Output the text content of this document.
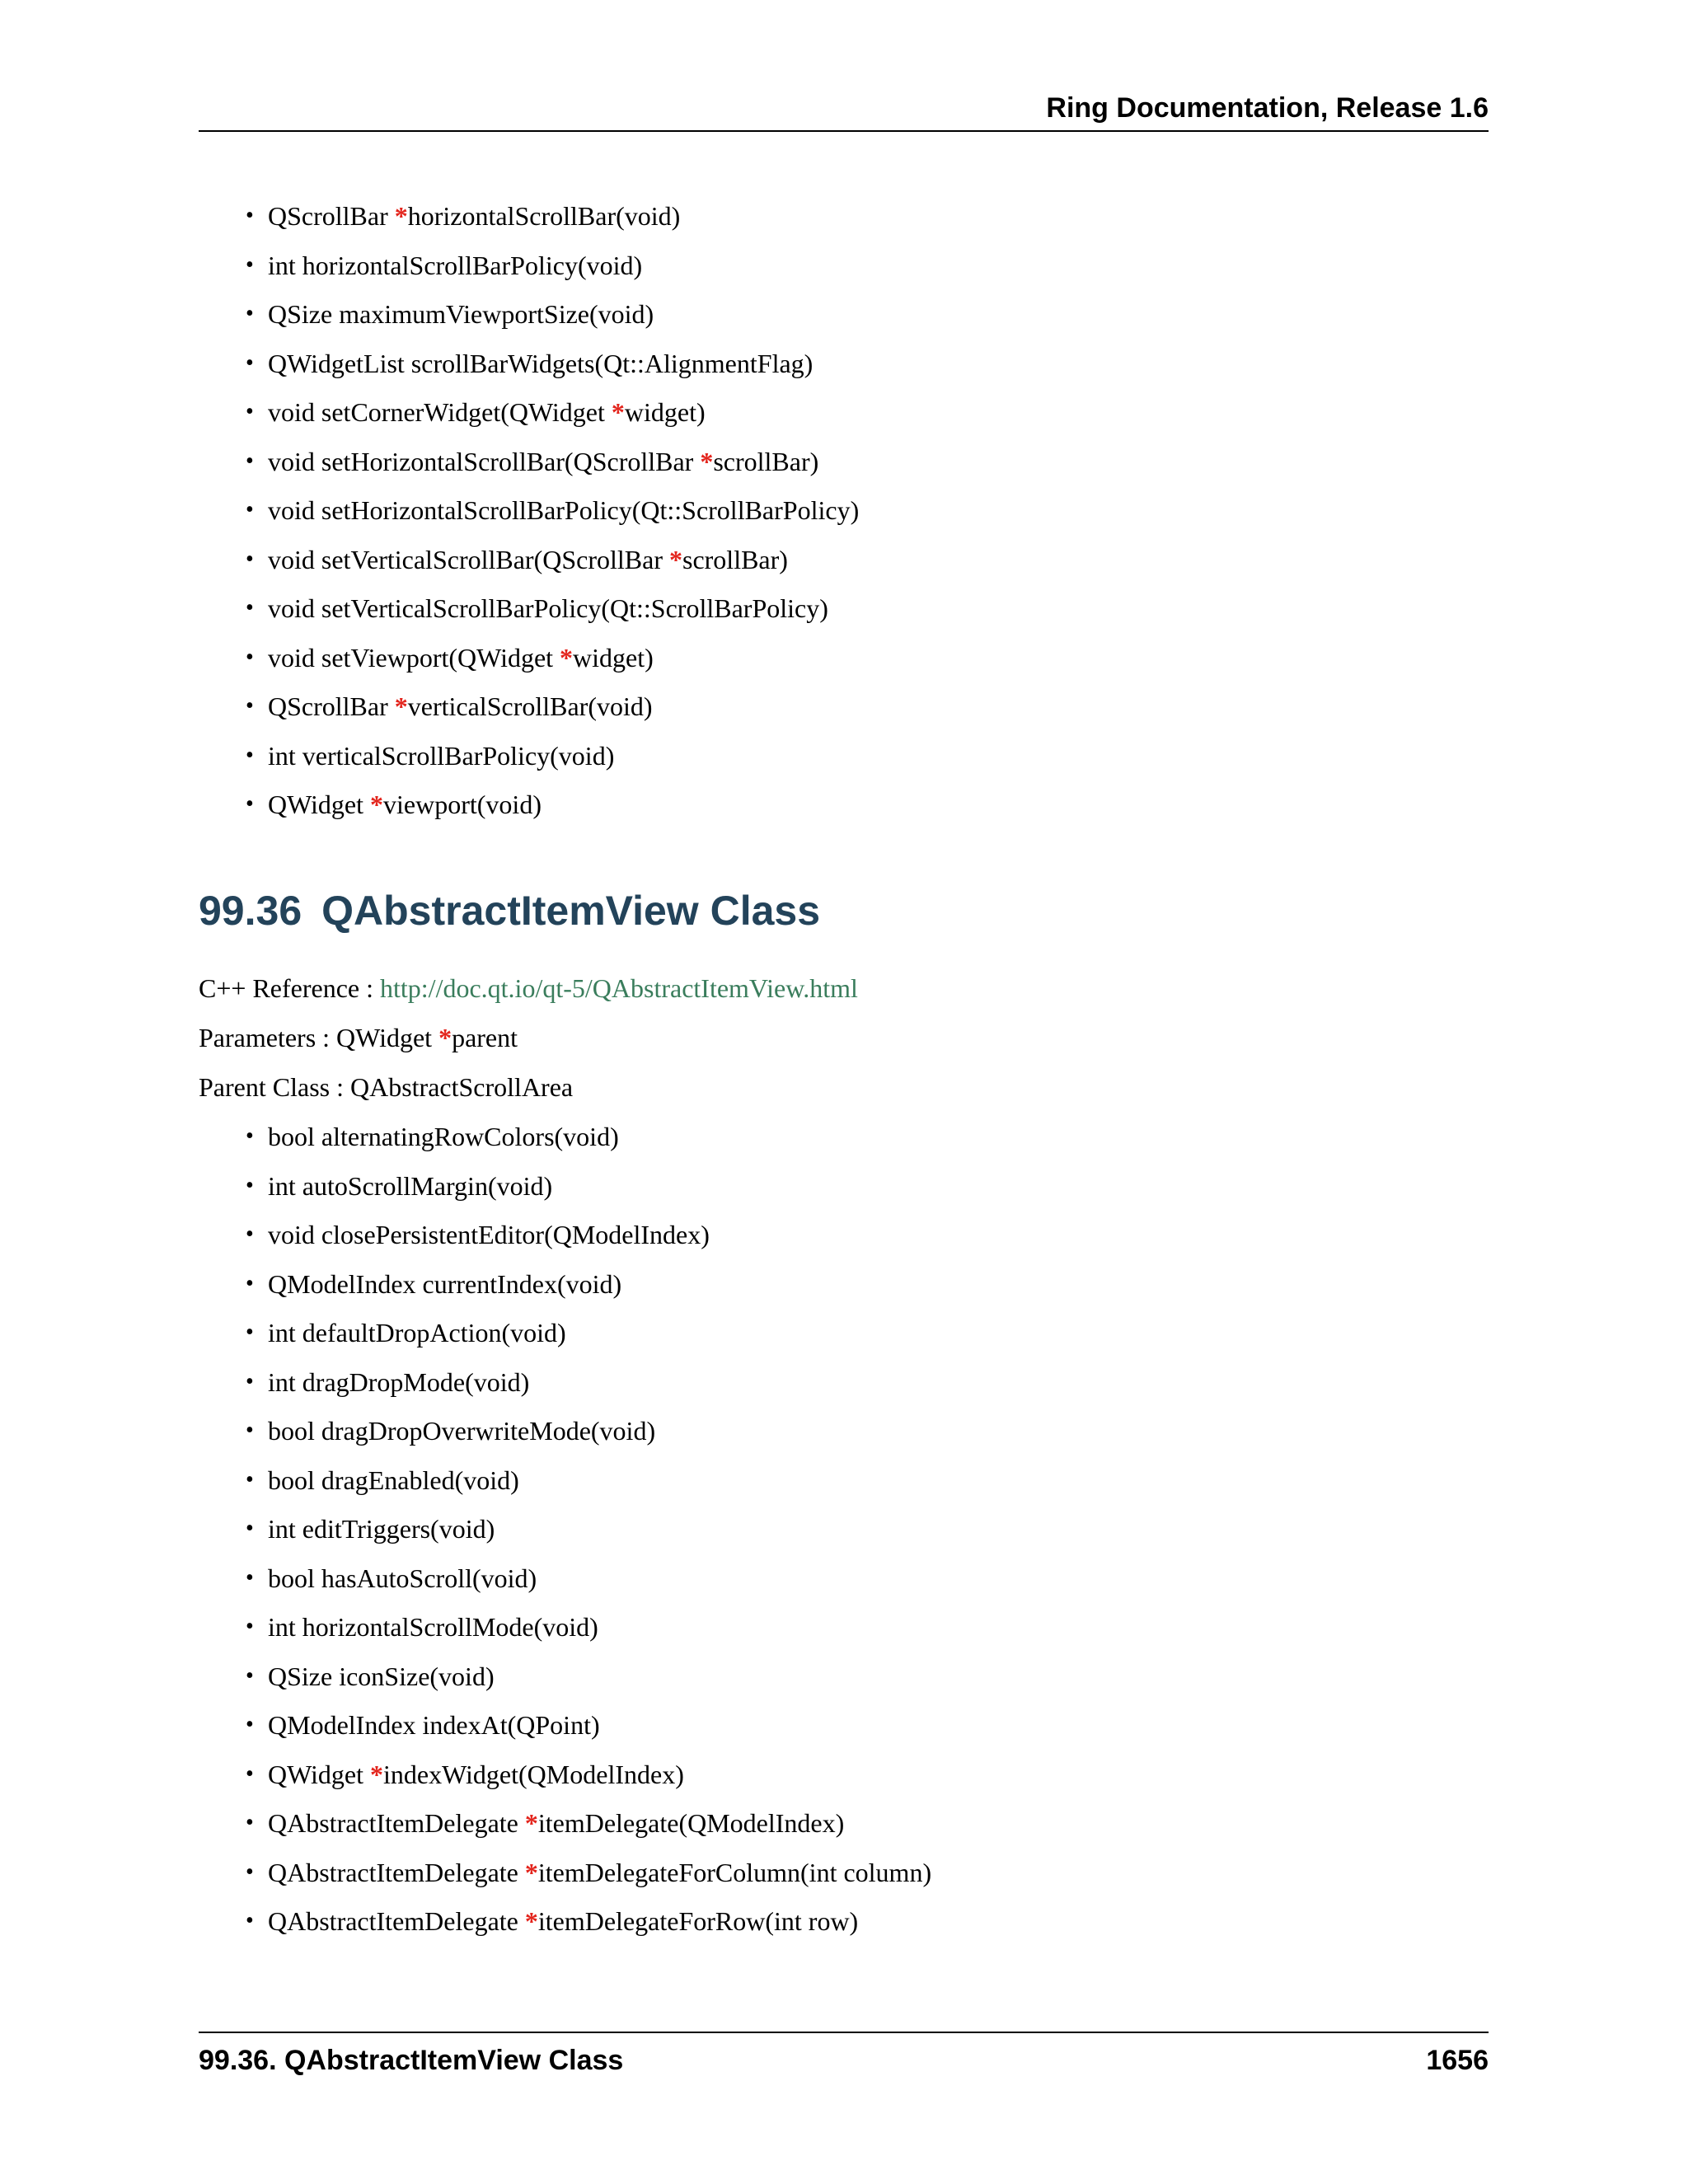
Ring Documentation, Release 1.6
• QScrollBar *horizontalScrollBar(void)
• int horizontalScrollBarPolicy(void)
• QSize maximumViewportSize(void)
• QWidgetList scrollBarWidgets(Qt::AlignmentFlag)
• void setCornerWidget(QWidget *widget)
• void setHorizontalScrollBar(QScrollBar *scrollBar)
• void setHorizontalScrollBarPolicy(Qt::ScrollBarPolicy)
• void setVerticalScrollBar(QScrollBar *scrollBar)
• void setVerticalScrollBarPolicy(Qt::ScrollBarPolicy)
• void setViewport(QWidget *widget)
• QScrollBar *verticalScrollBar(void)
• int verticalScrollBarPolicy(void)
• QWidget *viewport(void)
99.36 QAbstractItemView Class
C++ Reference : http://doc.qt.io/qt-5/QAbstractItemView.html
Parameters : QWidget *parent
Parent Class : QAbstractScrollArea
• bool alternatingRowColors(void)
• int autoScrollMargin(void)
• void closePersistentEditor(QModelIndex)
• QModelIndex currentIndex(void)
• int defaultDropAction(void)
• int dragDropMode(void)
• bool dragDropOverwriteMode(void)
• bool dragEnabled(void)
• int editTriggers(void)
• bool hasAutoScroll(void)
• int horizontalScrollMode(void)
• QSize iconSize(void)
• QModelIndex indexAt(QPoint)
• QWidget *indexWidget(QModelIndex)
• QAbstractItemDelegate *itemDelegate(QModelIndex)
• QAbstractItemDelegate *itemDelegateForColumn(int column)
• QAbstractItemDelegate *itemDelegateForRow(int row)
99.36. QAbstractItemView Class	1656
